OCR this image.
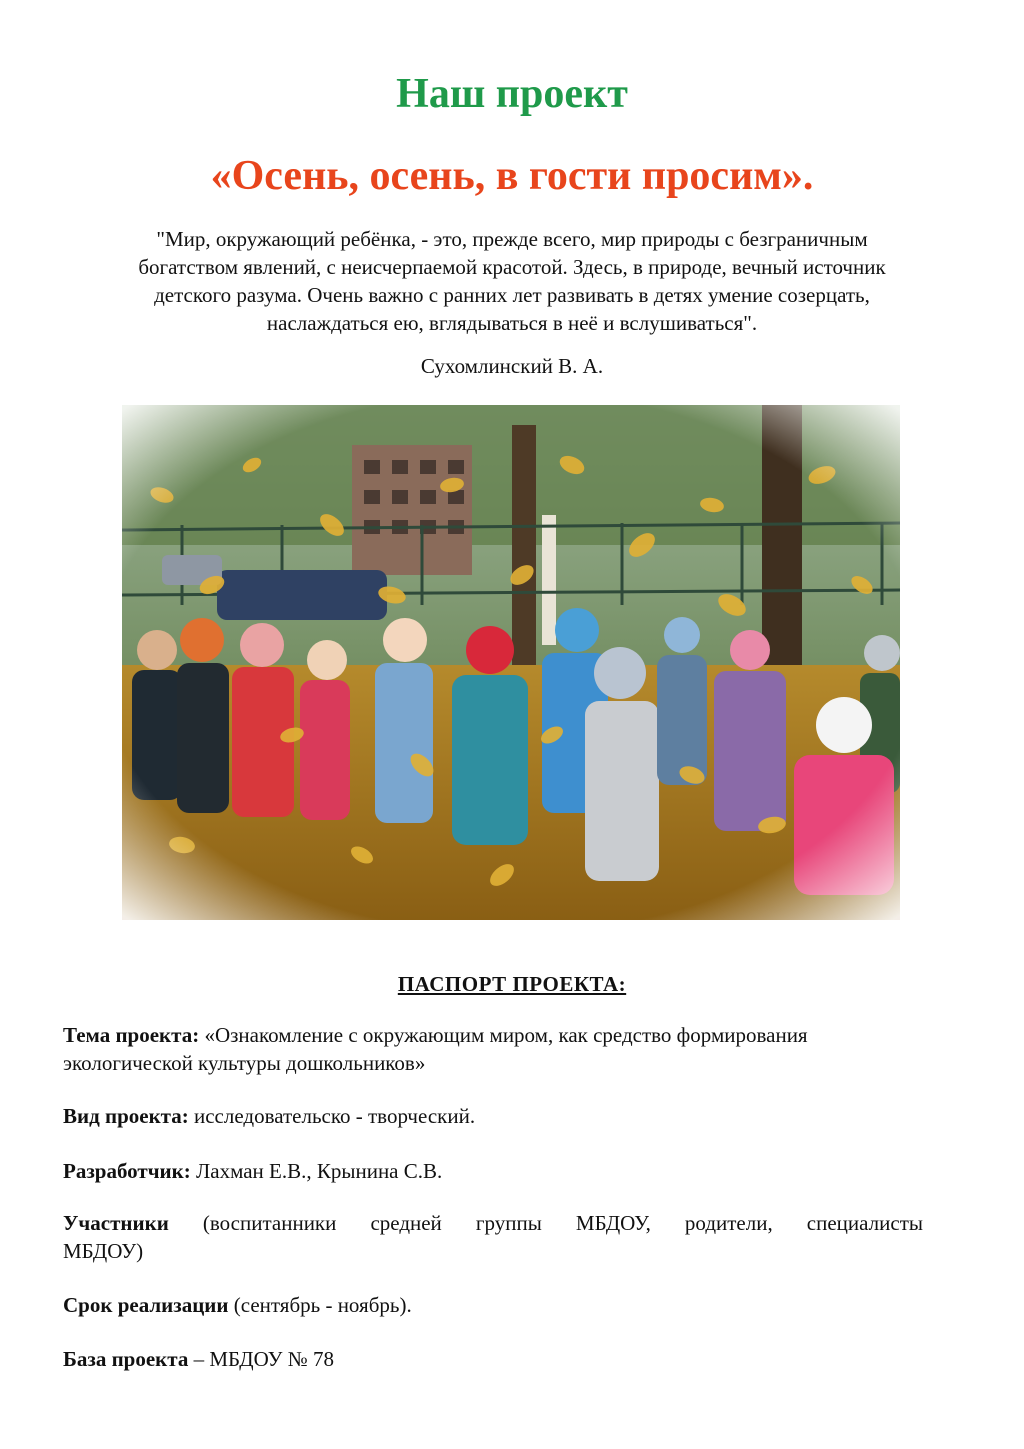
Наш проект
«Осень, осень, в гости просим».
"Мир, окружающий ребёнка, - это, прежде всего, мир природы с безграничным
богатством явлений, с неисчерпаемой красотой. Здесь, в природе, вечный источник
детского разума. Очень важно с ранних лет развивать в детях умение созерцать,
наслаждаться ею, вглядываться в неё и вслушиваться".
Сухомлинский В. А.
ПАСПОРТ ПРОЕКТА:
Тема проекта: «Ознакомление с окружающим миром, как средство формирования
экологической культуры дошкольников»
Вид проекта: исследовательско - творческий.
Разработчик: Лахман Е.В., Крынина С.В.
Участники (воспитанники средней группы МБДОУ, родители, специалисты
МБДОУ)
Срок реализации (сентябрь - ноябрь).
База проекта – МБДОУ № 78
